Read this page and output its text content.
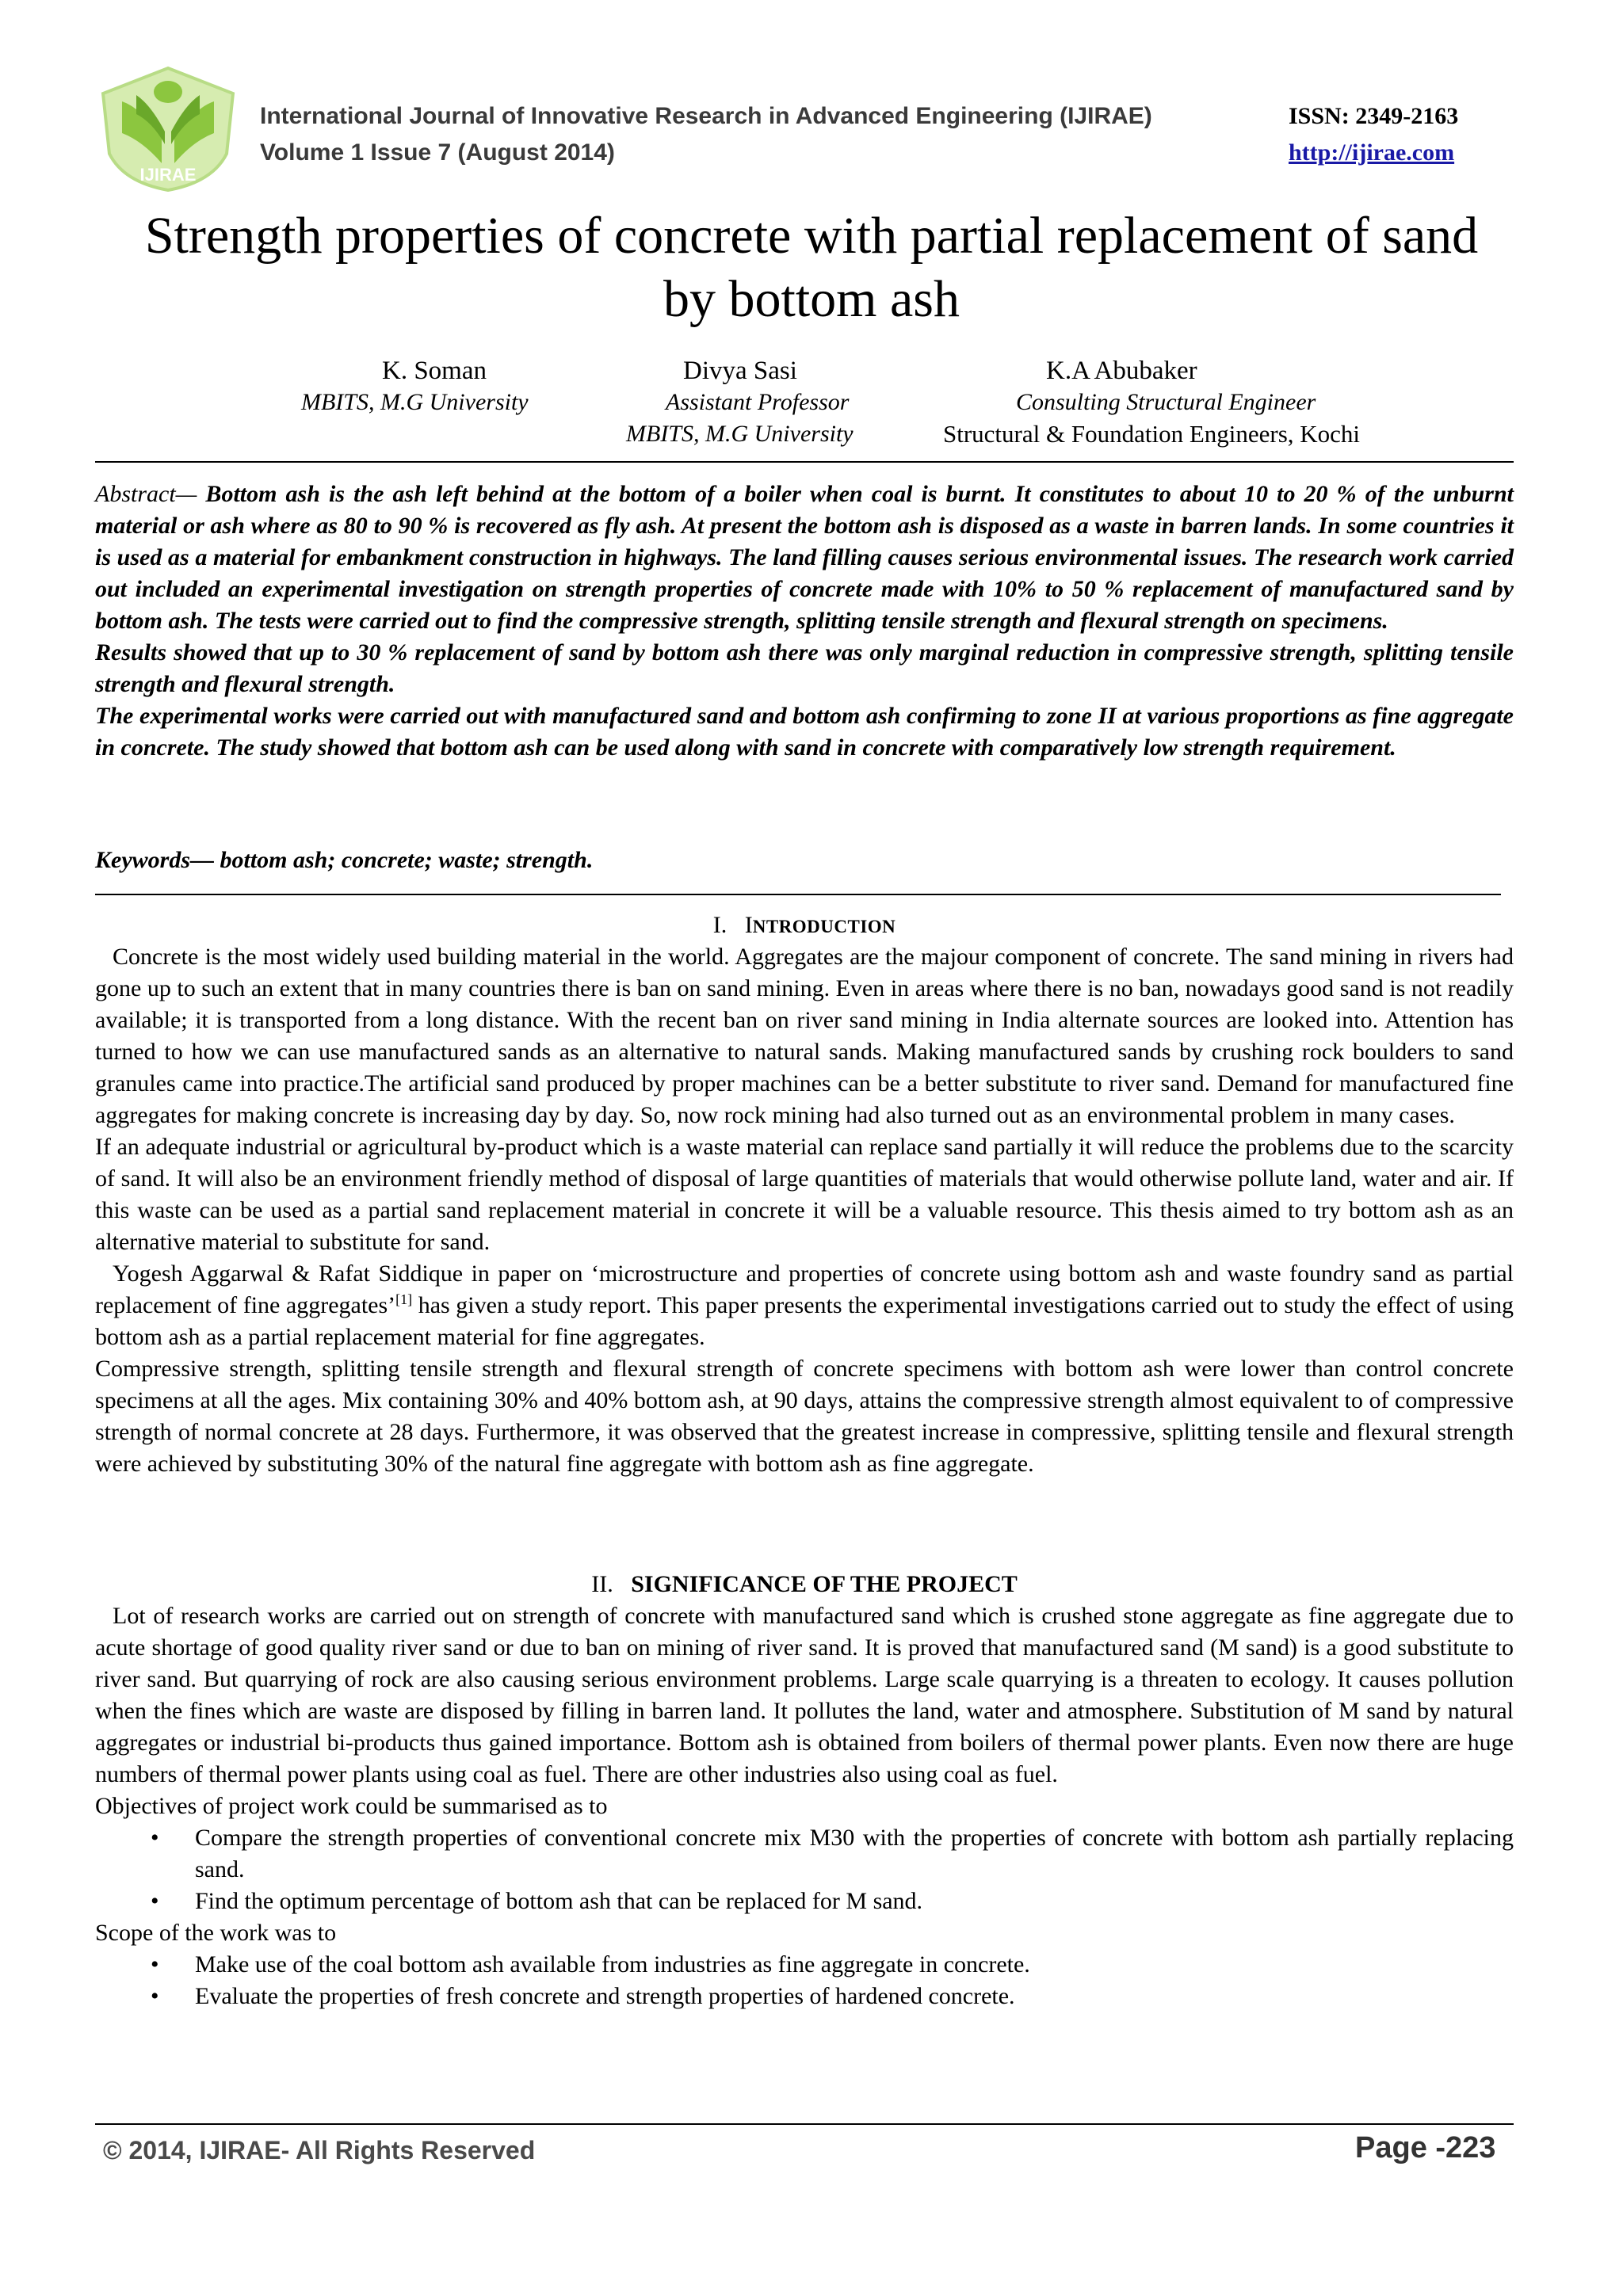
IJIRAE
International Journal of Innovative Research in Advanced Engineering (IJIRAE)
Volume 1 Issue 7 (August 2014)
ISSN: 2349-2163
http://ijirae.com
Strength properties of concrete with partial replacement of sand
by bottom ash
K. Soman
MBITS, M.G University
Divya Sasi
Assistant Professor
MBITS, M.G University
K.A Abubaker
Consulting Structural Engineer
Structural & Foundation Engineers, Kochi

Abstract— Bottom ash is the ash left behind at the bottom of a boiler when coal is burnt. It constitutes to about 10 to 20 % of the unburnt material or ash where as 80 to 90 % is recovered as fly ash. At present the bottom ash is disposed as a waste in barren lands. In some countries it is used as a material for embankment construction in highways. The land filling causes serious environmental issues. The research work carried out included an experimental investigation on strength properties of concrete made with 10% to 50 % replacement of manufactured sand by bottom ash. The tests were carried out to find the compressive strength, splitting tensile strength and flexural strength on specimens.

Results showed that up to 30 % replacement of sand by bottom ash there was only marginal reduction in compressive strength, splitting tensile strength and flexural strength.

The experimental works were carried out with manufactured sand and bottom ash confirming to zone II at various proportions as fine aggregate in concrete. The study showed that bottom ash can be used along with sand in concrete with comparatively low strength requirement.

Keywords— bottom ash; concrete; waste; strength.
I. INTRODUCTION

Concrete is the most widely used building material in the world. Aggregates are the majour component of concrete. The sand mining in rivers had gone up to such an extent that in many countries there is ban on sand mining. Even in areas where there is no ban, nowadays good sand is not readily available; it is transported from a long distance. With the recent ban on river sand mining in India alternate sources are looked into. Attention has turned to how we can use manufactured sands as an alternative to natural sands. Making manufactured sands by crushing rock boulders to sand granules came into practice.The artificial sand produced by proper machines can be a better substitute to river sand. Demand for manufactured fine aggregates for making concrete is increasing day by day. So, now rock mining had also turned out as an environmental problem in many cases.

If an adequate industrial or agricultural by-product which is a waste material can replace sand partially it will reduce the problems due to the scarcity of sand. It will also be an environment friendly method of disposal of large quantities of materials that would otherwise pollute land, water and air. If this waste can be used as a partial sand replacement material in concrete it will be a valuable resource. This thesis aimed to try bottom ash as an alternative material to substitute for sand.

Yogesh Aggarwal & Rafat Siddique in paper on ‘microstructure and properties of concrete using bottom ash and waste foundry sand as partial replacement of fine aggregates’[1] has given a study report. This paper presents the experimental investigations carried out to study the effect of using bottom ash as a partial replacement material for fine aggregates.

Compressive strength, splitting tensile strength and flexural strength of concrete specimens with bottom ash were lower than control concrete specimens at all the ages. Mix containing 30% and 40% bottom ash, at 90 days, attains the compressive strength almost equivalent to of compressive strength of normal concrete at 28 days. Furthermore, it was observed that the greatest increase in compressive, splitting tensile and flexural strength were achieved by substituting 30% of the natural fine aggregate with bottom ash as fine aggregate.

II. SIGNIFICANCE OF THE PROJECT

Lot of research works are carried out on strength of concrete with manufactured sand which is crushed stone aggregate as fine aggregate due to acute shortage of good quality river sand or due to ban on mining of river sand. It is proved that manufactured sand (M sand) is a good substitute to river sand. But quarrying of rock are also causing serious environment problems. Large scale quarrying is a threaten to ecology. It causes pollution when the fines which are waste are disposed by filling in barren land. It pollutes the land, water and atmosphere. Substitution of M sand by natural aggregates or industrial bi-products thus gained importance. Bottom ash is obtained from boilers of thermal power plants. Even now there are huge numbers of thermal power plants using coal as fuel. There are other industries also using coal as fuel.

Objectives of project work could be summarised as to

• Compare the strength properties of conventional concrete mix M30 with the properties of concrete with bottom ash partially replacing sand.
• Find the optimum percentage of bottom ash that can be replaced for M sand.

Scope of the work was to

• Make use of the coal bottom ash available from industries as fine aggregate in concrete.
• Evaluate the properties of fresh concrete and strength properties of hardened concrete.
© 2014, IJIRAE- All Rights Reserved	Page -223
